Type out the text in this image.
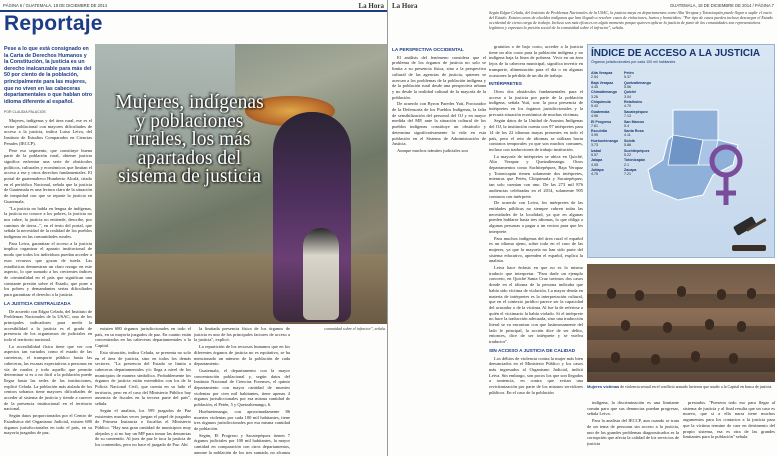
PÁGINA 6 / GUATEMALA, 18 DE DICIEMBRE DE 2014	La Hora
Reportaje
Pese a lo que está consignado en la Carta de Derechos Humanos y la Constitución, la justicia es un derecho inalcanzable para más del 50 por ciento de la población, principalmente para las mujeres, que no viven en las cabeceras departamentales o que hablan otro idioma diferente al español.
POR CLAUDIA PALACIOS

Mujeres, indígenas y del área rural, ese es el sector poblacional con mayores dificultades de acceso a la justicia, indica Luisa Leiva, del Instituto de Estudios Comparados en Ciencias Penales (IECCP).

Pese eso segmento, que constituye buena parte de la población rural, obtener justicia significa enfrentar una serie de obstáculos políticos, culturales y económicos que limitan el acceso a ese y otros derechos fundamentales. El portal de guatemalteco Humberto Alcalá, citado en el periódico Nacional, señala que la justicia de Guatemala es una lectura clara de la situación de inequidad con que se reparte la justicia en Guatemala.

"La justicia no habla en lengua de indígenas, la justicia no conoce a los pobres, la justicia no nos cubre, la justicia no entiende, describe, por caminos de tierra...", en el texto del portal, que señala la necesidad de la realidad de los pueblos indígenas en las comunidades rurales.

Para Leiva, garantizar el acceso a la justicia implica organizar el aparato institucional de modo que todos los individuos puedan acceder a esos recursos que gozan de tutela. Las estadísticas demuestran un claro rezago en este aspecto, lo que sumado a los crecientes índices de criminalidad en el país que significan una constante presión sobre el Estado, que pone a los pobres y demandantes serias dificultades para garantizar el derecho a la justicia.

LA JUSTICIA CENTRALIZADA

De acuerdo con Edgar Celada, del Instituto de Problemas Nacionales de la USAC, uno de los principales indicadores para medir la accesibilidad a la justicia es el grado de presencia de los organismos de judiciales en todo el territorio nacional.

La accesibilidad física tiene que ver con aspectos tan variados como el estado de las carreteras, el transporte público hasta las cabeceras, las escasas expectativas a personas en vía de ruralez y todo aquello que permite determinar si es o no fácil a la población puede llegar hasta las sedes de las instituciones, explicó Celada. La población más aislada de los centros urbanos tiene mayores dificultades de acceder al sistema de justicia y tiende a carecer de la presencia institucional en el territorio nacional.

Según datos proporcionados por el Centro de Estadística del Organismo Judicial, existen 680 órganos jurisdiccionales en todo el país, en su mayoría juzgados de paz.

Mujeres, indígenas y poblaciones rurales, los más apartados del sistema de justicia

existen 680 órganos jurisdiccionales en todo el país, en su mayoría juzgados de paz. En cuanto están concentrados en las cabeceras departamentales o la Capital.

Esta situación, indica Celada, se presenta no solo en el área de justicia, sino en todos los demás sectores. "La presencia del Estado se limita a cabeceras departamentales y/o llega a nivel de los municipios de manera simbólica. Probablemente los órganos de justicia están extendidos con los de la Policía Nacional Civil, que cuenta en su lado el territorio, pero en el caso del Ministerio Público hay ausencia de fiscales en la tercera parte del país", señala.

Según el analista, los 599 juzgados de Paz existentes muchas veces juegan el papel de juzgados de Primera Instancia o fiscalías el Ministerio Público. "Hay una gran cantidad de municipios muy alejados y si no hay un MP para tomar las denuncias de su contenido. Al juez de paz le toca la justicia de los contenidos, pero no hace el juzgado de Paz. Ahí

la limitada presencia física de los órganos de justicia es uno de los principales factores de acceso a la justicia", explicó.

La repartición de los recursos humanos que en los diferentes órganos de justicia no es equitativo, se ha mencionado un número de la población de cada departamento.

Guatemala, el departamento con la mayor concentración poblacional y, según datos del Instituto Nacional de Ciencias Forenses, el quinto departamento con mayor cantidad de muertes violentas por cien mil habitantes, tiene apenas 4 órganos jurisdiccionales por esa misma cantidad de población, el Petén, 5 y Quetzaltenango, 6.

Huehuetenango, con aproximadamente 86 muertes violentas por cada 100 mil habitantes, tiene tres órganos jurisdiccionales por esa misma cantidad de población.

Según, El Progreso y Sacatepéquez tienen 7 órganos judiciales por 100 mil habitantes, la mayor cantidad en comparación con otros departamentos, aunque la población de los tres sumada, no alcanza

comunidad sobre el infractor", señala.
La Hora	GUATEMALA, 18 DE DICIEMBRE DE 2014 / PÁGINA 7
Según Edgar Celada, del Instituto de Problemas Nacionales de la USAC, la justicia maya en departamentos como Alta Verapaz y Totonicapán puede llegar a suplir el vacío del Estado. Existen casos de alcaldes indígenas que han llegado a resolver casos de violaciones, hurtos y homicidios. "Por tipo de casos pueden incluso descargar el Estado occidental de cierta carga de trabajo. Incluso son más eficaces en algún momento porque quieren aplicar la justicia de parte de las comunidades son representativos legítimos y expresan la presión social de la comunidad sobre el infractor", señala.
LA PERSPECTIVA OCCIDENTAL

El análisis del fenómeno considera que el problema de los órganos de justicia no solo se limita a su presencia física, sino a la perspectiva cultural de las agencias de justicia, quienes se acercan a los problemas de la población indígena y de la población rural desde una perspectiva urbana y no desde la realidad cultural de la mayoría de la población.

De acuerdo con Byron Paredes Yutí, Procurador de la Defensoría de los Pueblos Indígenas, la falta de sensibilización del personal del OJ y en mayor medida del MP, ante la situación cultural de los pueblos indígenas constituye un obstáculo y determina significativamente la vida en esta población en el Sistema de Administración de Justicia.

Aunque muchos trámites judiciales son

gratuitos o de bajo costo, acceder a la justicia tiene un alto costo para la población indígena y no indígena baja la línea de pobreza. Vivir en un área lejos de la cabecera municipal, significa invertir en transporte, alimentación para el día o en algunas ocasiones la pérdida de un día de trabajo.

INTÉRPRETES

Otros dos obstáculos fundamentales para el acceso a la justicia por parte de la población indígena, señala Yutí, son: la poca presencia de intérpretes en los órganos jurisdiccionales y la precaria situación económica de muchas víctimas.

Según datos de la Unidad de Asuntos Indígenas del OJ, la institución cuenta con 97 intérpretes para 14 de los 22 idiomas mayas presentes en todo el país, pero el reto de idiomas se utilizan hacia contratos temporales ya que son muchos comunes, incluso con traducciones de trabajo institución.

La mayoría de intérpretes se ubica en Quiché, Alta Verapaz y Quetzaltenango. Otros departamentos como Suchitepéquez, Baja Verapaz y Totonicapán tienen solamente dos intérpretes, mientras que Petén, Chiquimula y Sacatepéquez, tan solo cuentan con uno. De las 273 mil 876 audiencias celebradas en el 2014, solamente 905 contaron con intérprete.

De acuerdo con Leiva, los intérpretes de las entidades públicas no siempre cubren todas las necesidades de la localidad, ya que en algunas pueden hablarse hasta tres idiomas, lo que obliga a algunas personas a pagar a un vecino para que les interprete.

Para muchos indígenas del área rural el español es un idioma ajeno, sobre todo en el caso de las mujeres, ya que la mayoría no han sido parte del sistema educativo, aprenden el español, explica la analista.

Leiva hace énfasis en que no es lo mismo traducir que interpretar. "Para darle un ejemplo concreto, en Quiché Santa Cruz tuvimos dos casos donde en el idioma de la persona indicaba que había sido víctima de violación. La mayor deuda en materia de intérpretes es la interpretación cultural, que en el contexto jurídico parece ser la capacidad del acusador o de la víctima. Al fue la de referirse a quién el victimario la había violado. Si el intérprete no hace la traducción adecuada, sino una traducción literal se va encontrar con que lastimosamente del lado le principal, la acción dice de ser delito, entonces, dice de ser intérprete y se vuelva traductor".

SIN ACCESO A JUSTICIA DE CALIDAD

Los délitos de violencia contra la mujer más bien denunciados en el Ministerio Público y los casos más ingresados al Organismo Judicial, indicó Leiva. Sin embargo, son pocos los que son llegados a sentencia, en contra que evitan una revictimización por parte de los mismos servidores públicos. En el caso de la población

ÍNDICE DE ACCESO A LA JUSTICIA
Órganos jurisdiccionales por cada 100 mil habitantes
Alta Verapaz
2.54
Baja Verapaz
4.45
Chimaltenango
3.26
Chiquimula
5.43
Guatemala
4.96
El Progreso
7.61
Escuintla
3.95
Huehuetenango
3.73
Izabal
5.57
Jalapa
4.05
Jutiapa
4.75
Petén
5.37
Quetzaltenango
5.56
Quiché
3.04
Retalhuleu
4.70
Sacatepéquez
7.13
San Marcos
5.4
Santa Rosa
4.11
Sololá
5.86
Suchitepéquez
5.22
Totonicapán
2.1
Zacapa
7.21
Mujeres víctimas de violencia sexual en el conflicto armado luvieron que acudir a la Capital en busca de justicia.

indígena, la discriminación es una limitante común para que sus denuncias puedan progresar, señala Leiva.

Para la analista del IECCP, aun cuando se trata de un tema de personas sin acceso a la justicia, uno de los grandes problemas diagnosticados es la corrupción que afecta la calidad de los servicios de justicia

prestados. "Pueseon todo eso para llegar al sistema de justicia y al final resulta que un caso es muevo, que si a ella narra tiene muchos argumentos para los contactos a la justicia para que la víctima termine de caer en detrimento del propio sistema, esa es otra de las grandes limitantes para la población" señala.
